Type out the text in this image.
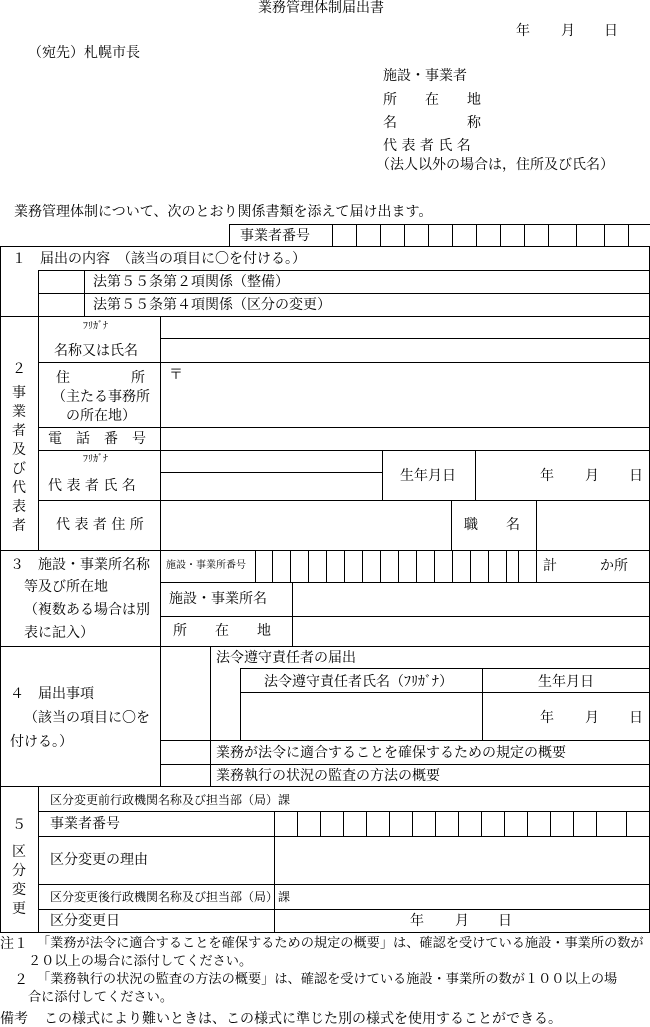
業務管理体制届出書
年 月 日
（宛先）札幌市長
施設・事業者
所　　在　　地
名　　　　　称
代 表 者 氏 名
（法人以外の場合は，住所及び氏名）
業務管理体制について、次のとおり関係書類を添えて届け出ます。
事業者番号
１　届出の内容　（該当の項目に〇を付ける。）
法第５５条第２項関係（整備）
法第５５条第４項関係（区分の変更）
２
事業者及び代表者
ﾌﾘｶﾞﾅ
名称又は氏名
住	所
（主たる事務所
の所在地）
〒
電　話　番　号
ﾌﾘｶﾞﾅ
代 表 者 氏 名
生年月日	年 月 日
代 表 者 住 所	職　　名
３　施設・事業所名称
等及び所在地
（複数ある場合は別
表に記入）
施設・事業所番号	計	か所
施設・事業所名
所　　在　　地
４　届出事項
（該当の項目に〇を
付ける。）
法令遵守責任者の届出
法令遵守責任者氏名（ﾌﾘｶﾞﾅ）	生年月日
年 月 日
業務が法令に適合することを確保するための規定の概要
業務執行の状況の監査の方法の概要
５
区分変更
区分変更前行政機関名称及び担当部（局）課
事業者番号
区分変更の理由
区分変更後行政機関名称及び担当部（局）課
区分変更日	年 月 日
注１ 「業務が法令に適合することを確保するための規定の概要」は、確認を受けている施設・事業所の数が
２０以上の場合に添付してください。
２ 「業務執行の状況の監査の方法の概要」は、確認を受けている施設・事業所の数が１００以上の場
合に添付してください。
備考 この様式により難いときは、この様式に準じた別の様式を使用することができる。
